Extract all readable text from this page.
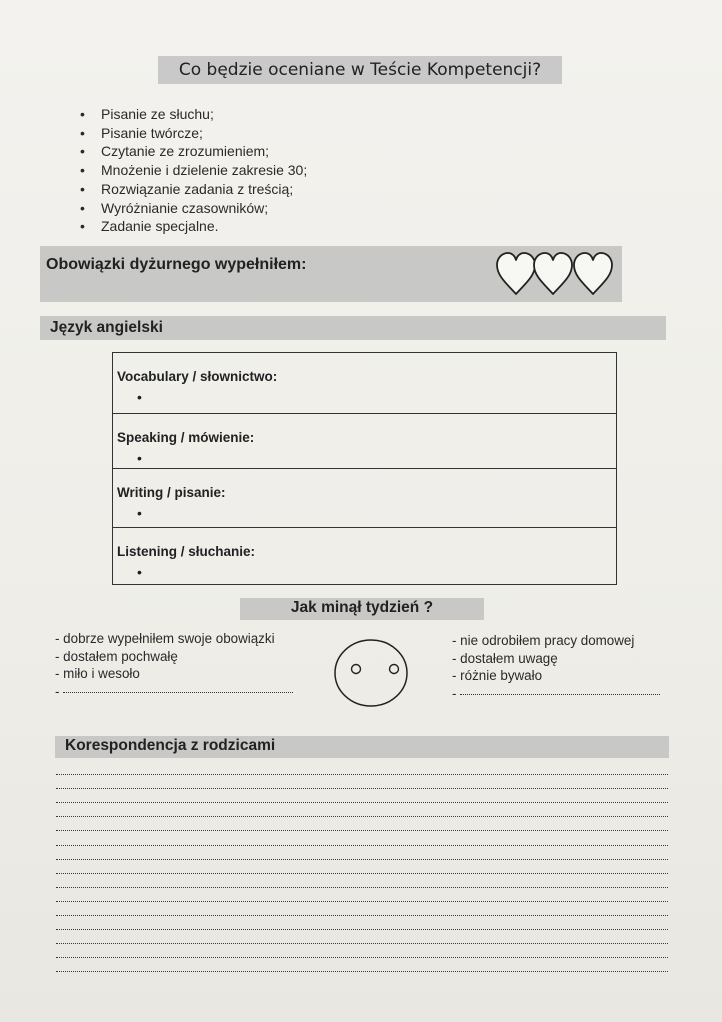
Co będzie oceniane w Teście Kompetencji?
• Pisanie ze słuchu;
• Pisanie twórcze;
• Czytanie ze zrozumieniem;
• Mnożenie i dzielenie zakresie 30;
• Rozwiązanie zadania z treścią;
• Wyróżnianie czasowników;
• Zadanie specjalne.
Obowiązki dyżurnego wypełniłem:
Język angielski
Vocabulary / słownictwo:
•
Speaking / mówienie:
•
Writing / pisanie:
•
Listening / słuchanie:
•
Jak minął tydzień ?
- dobrze wypełniłem swoje obowiązki
- dostałem pochwałę
- miło i wesoło
-
- nie odrobiłem pracy domowej
- dostałem uwagę
- różnie bywało
-
Korespondencja z rodzicami
